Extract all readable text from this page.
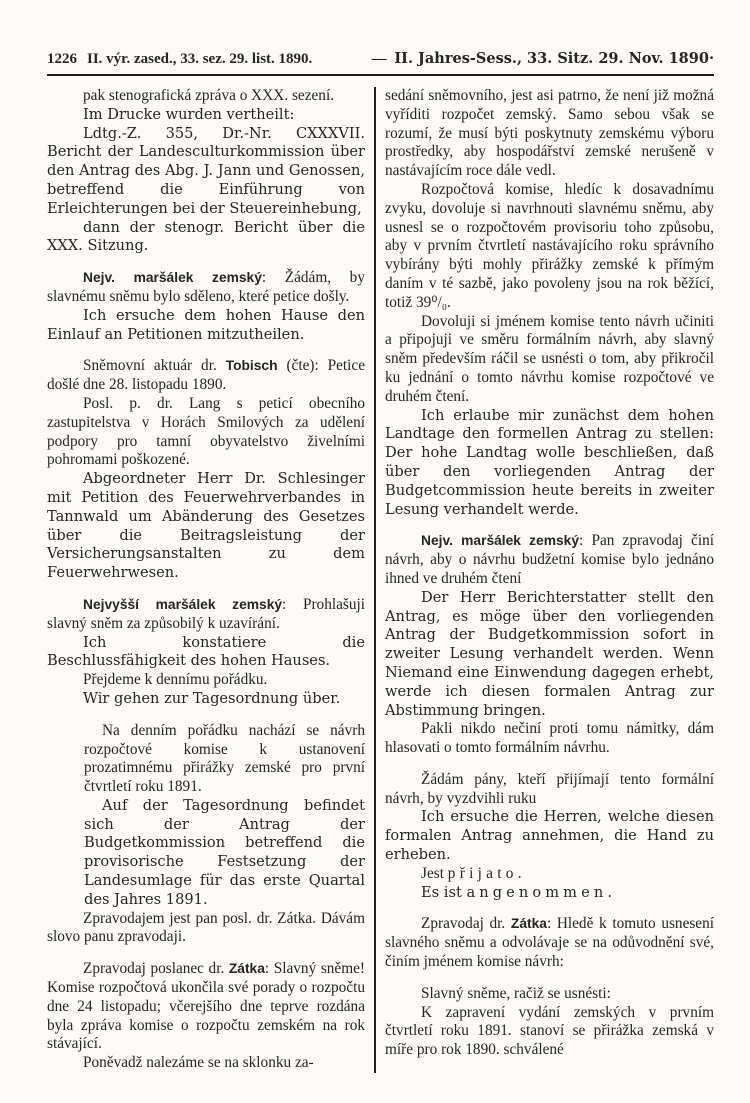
1226 II. výr. zased., 33. sez. 29. list. 1890.	— II. Jahres-Sess., 33. Sitz. 29. Nov. 1890·

pak stenografická zpráva o XXX. sezení.

Im Drucke wurden vertheilt:

Ldtg.-Z. 355, Dr.-Nr. CXXXVII. Bericht der Landesculturkommission über den Antrag des Abg. J. Jann und Genossen, betreffend die Einführung von Erleichterungen bei der Steuereinhebung,

dann der stenogr. Bericht über die XXX. Sitzung.

Nejv. maršálek zemský: Žádám, by slavnému sněmu bylo sděleno, které petice došly.

Ich ersuche dem hohen Hause den Einlauf an Petitionen mitzutheilen.

Sněmovní aktuár dr. Tobisch (čte): Petice došlé dne 28. listopadu 1890.

Posl. p. dr. Lang s peticí obecního zastupitelstva v Horách Smilových za udělení podpory pro tamní obyvatelstvo živelními pohromami poškozené.

Abgeordneter Herr Dr. Schlesinger mit Petition des Feuerwehrverbandes in Tannwald um Abänderung des Gesetzes über die Beitragsleistung der Versicherungsanstalten zu dem Feuerwehrwesen.

Nejvyšší maršálek zemský: Prohlašuji slavný sněm za způsobilý k uzavírání.

Ich konstatiere die Beschlussfähigkeit des hohen Hauses.

Přejdeme k dennímu pořádku.

Wir gehen zur Tagesordnung über.

Na denním pořádku nachází se návrh rozpočtové komise k ustanovení prozatimnému přirážky zemské pro první čtvrtletí roku 1891.

Auf der Tagesordnung befindet sich der Antrag der Budgetkommission betreffend die provisorische Festsetzung der Landesumlage für das erste Quartal des Jahres 1891.

Zpravodajem jest pan posl. dr. Zátka. Dávám slovo panu zpravodaji.

Zpravodaj poslanec dr. Zátka: Slavný sněme! Komise rozpočtová ukončila své porady o rozpočtu dne 24 listopadu; včerejšího dne teprve rozdána byla zpráva komise o rozpočtu zemském na rok stávající.

Poněvadž nalezáme se na sklonku za-

sedání sněmovního, jest asi patrno, že není již možná vyříditi rozpočet zemský. Samo sebou však se rozumí, že musí býti poskytnuty zemskému výboru prostředky, aby hospodářství zemské nerušeně v nastávajícím roce dále vedl.

Rozpočtová komise, hledíc k dosavadnímu zvyku, dovoluje si navrhnouti slavnému sněmu, aby usnesl se o rozpočtovém provisoriu toho způsobu, aby v prvním čtvrtletí nastávajícího roku správního vybírány býti mohly přirážky zemské k přímým daním v té sazbě, jako povoleny jsou na rok běžící, totiž 39⁰/₀.

Dovoluji si jménem komise tento návrh učiniti a připojuji ve směru formálním návrh, aby slavný sněm především ráčil se usnésti o tom, aby přikročil ku jednání o tomto návrhu komise rozpočtové ve druhém čtení.

Ich erlaube mir zunächst dem hohen Landtage den formellen Antrag zu stellen: Der hohe Landtag wolle beschließen, daß über den vorliegenden Antrag der Budgetcommission heute bereits in zweiter Lesung verhandelt werde.

Nejv. maršálek zemský: Pan zpravodaj činí návrh, aby o návrhu budžetní komise bylo jednáno ihned ve druhém čtení

Der Herr Berichterstatter stellt den Antrag, es möge über den vorliegenden Antrag der Budgetkommission sofort in zweiter Lesung verhandelt werden. Wenn Niemand eine Einwendung dagegen erhebt, werde ich diesen formalen Antrag zur Abstimmung bringen.

Pakli nikdo nečiní proti tomu námitky, dám hlasovati o tomto formálním návrhu.

Žádám pány, kteří přijímají tento formální návrh, by vyzdvihli ruku

Ich ersuche die Herren, welche diesen formalen Antrag annehmen, die Hand zu erheben.

Jest přijato.

Es ist angenommen.

Zpravodaj dr. Zátka: Hledě k tomuto usnesení slavného sněmu a odvolávaje se na odůvodnění své, činím jménem komise návrh:

Slavný sněme, račiž se usnésti:

K zapravení vydání zemských v prvním čtvrtletí roku 1891. stanoví se přirážka zemská v míře pro rok 1890. schválené
